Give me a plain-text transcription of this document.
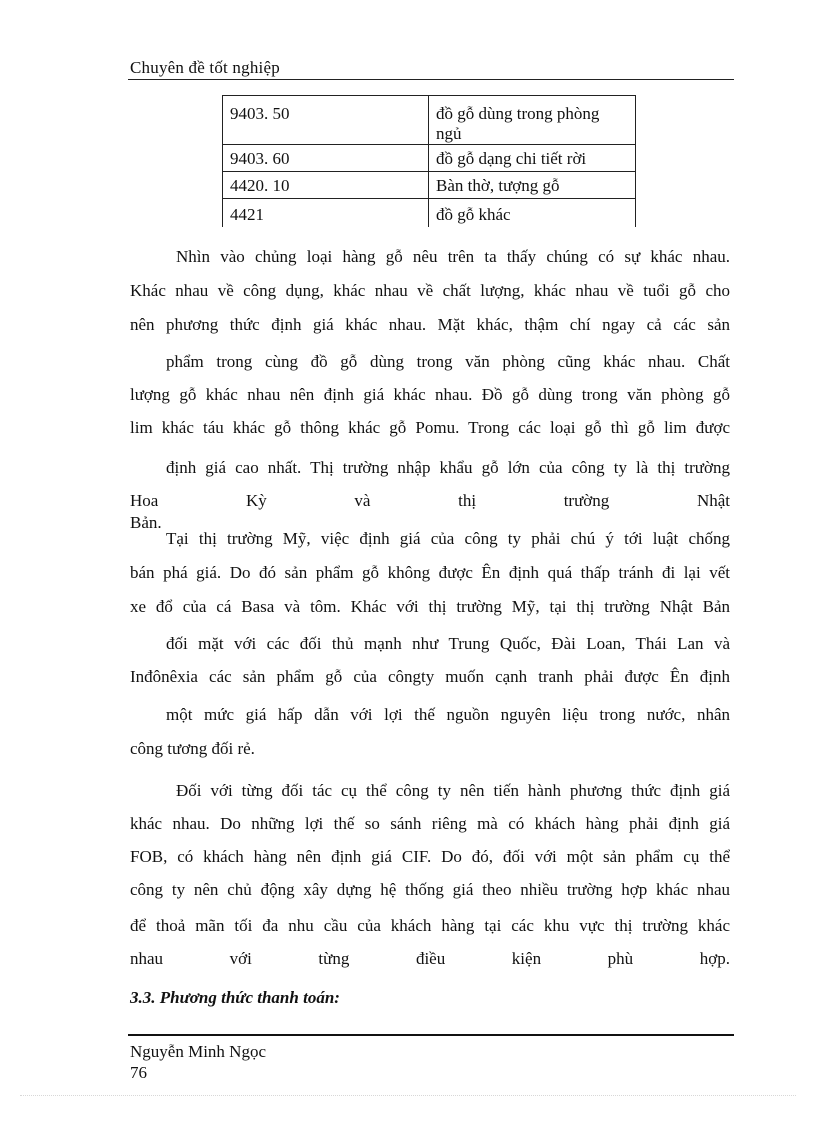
Chuyên đề tốt nghiệp
9403. 50	đồ gỗ dùng trong phòng ngủ
9403. 60	đồ gỗ dạng chi tiết rời
4420. 10	Bàn thờ, tượng gỗ
4421	đồ gỗ khác
Nhìn vào chủng loại hàng gỗ nêu trên ta thấy chúng có sự khác nhau.
Khác nhau về công dụng, khác nhau về chất lượng, khác nhau về tuổi gỗ cho
nên phương thức định giá khác nhau. Mặt khác, thậm chí ngay cả các sản
phẩm trong cùng đồ gỗ dùng trong văn phòng cũng khác nhau. Chất
lượng gỗ khác nhau nên định giá khác nhau. Đồ gỗ dùng trong văn phòng gỗ
lim khác táu khác gỗ thông khác gỗ Pomu. Trong các loại gỗ thì gỗ lim được
định giá cao nhất. Thị trường nhập khẩu gỗ lớn của công ty là thị trường
Hoa Kỳ và thị trường Nhật Bản.
Tại thị trường Mỹ, việc định giá của công ty phải chú ý tới luật chống
bán phá giá. Do đó sản phẩm gỗ không được Ên định quá thấp tránh đi lại vết
xe đổ của cá Basa và tôm. Khác với thị trường Mỹ, tại thị trường Nhật Bản
đối mặt với các đối thủ mạnh như Trung Quốc, Đài Loan, Thái Lan và
Inđônêxia các sản phẩm gỗ của côngty muốn cạnh tranh phải được Ên định
một mức giá hấp dẫn với lợi thế nguồn nguyên liệu trong nước, nhân
công tương đối rẻ.
Đối với từng đối tác cụ thể công ty nên tiến hành phương thức định giá
khác nhau. Do những lợi thế so sánh riêng mà có khách hàng phải định giá
FOB, có khách hàng nên định giá CIF. Do đó, đối với một sản phẩm cụ thể
công ty nên chủ động xây dựng hệ thống giá theo nhiều trường hợp khác nhau
để thoả mãn tối đa nhu cầu của khách hàng tại các khu vực thị trường khác
nhau với từng điều kiện phù hợp.
3.3. Phương thức thanh toán:
Nguyễn Minh Ngọc
76
